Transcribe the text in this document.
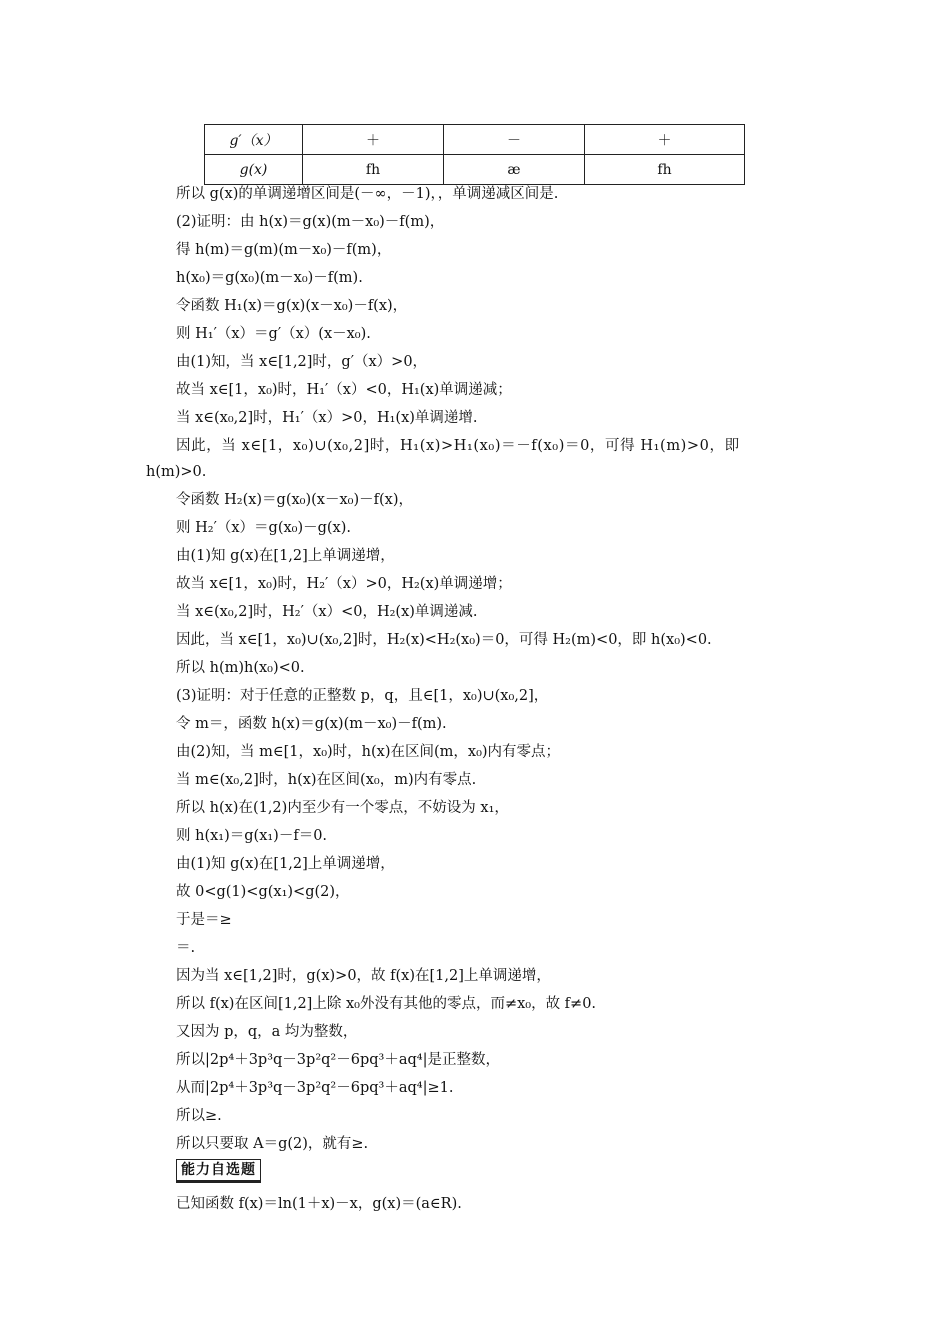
g′（x）	＋	－	＋
g(x)	fh	æ	fh
所以 g(x)的单调递增区间是(－∞，－1)，，单调递减区间是.
(2)证明：由 h(x)＝g(x)(m－x₀)－f(m)，
得 h(m)＝g(m)(m－x₀)－f(m)，
h(x₀)＝g(x₀)(m－x₀)－f(m).
令函数 H₁(x)＝g(x)(x－x₀)－f(x)，
则 H₁′（x）＝g′（x）(x－x₀).
由(1)知，当 x∈[1,2]时，g′（x）>0，
故当 x∈[1，x₀)时，H₁′（x）<0，H₁(x)单调递减；
当 x∈(x₀,2]时，H₁′（x）>0，H₁(x)单调递增.
因此，当 x∈[1，x₀)∪(x₀,2]时，H₁(x)>H₁(x₀)＝－f(x₀)＝0，可得 H₁(m)>0，即
h(m)>0.
令函数 H₂(x)＝g(x₀)(x－x₀)－f(x)，
则 H₂′（x）＝g(x₀)－g(x).
由(1)知 g(x)在[1,2]上单调递增，
故当 x∈[1，x₀)时，H₂′（x）>0，H₂(x)单调递增；
当 x∈(x₀,2]时，H₂′（x）<0，H₂(x)单调递减.
因此，当 x∈[1，x₀)∪(x₀,2]时，H₂(x)<H₂(x₀)＝0，可得 H₂(m)<0，即 h(x₀)<0.
所以 h(m)h(x₀)<0.
(3)证明：对于任意的正整数 p，q，且∈[1，x₀)∪(x₀,2]，
令 m＝，函数 h(x)＝g(x)(m－x₀)－f(m).
由(2)知，当 m∈[1，x₀)时，h(x)在区间(m，x₀)内有零点；
当 m∈(x₀,2]时，h(x)在区间(x₀，m)内有零点.
所以 h(x)在(1,2)内至少有一个零点，不妨设为 x₁，
则 h(x₁)＝g(x₁)－f＝0.
由(1)知 g(x)在[1,2]上单调递增，
故 0<g(1)<g(x₁)<g(2)，
于是＝≥
＝.
因为当 x∈[1,2]时，g(x)>0，故 f(x)在[1,2]上单调递增，
所以 f(x)在区间[1,2]上除 x₀外没有其他的零点，而≠x₀，故 f≠0.
又因为 p，q，a 均为整数，
所以|2p⁴＋3p³q－3p²q²－6pq³＋aq⁴|是正整数，
从而|2p⁴＋3p³q－3p²q²－6pq³＋aq⁴|≥1.
所以≥.
所以只要取 A＝g(2)，就有≥.
能力自选题
已知函数 f(x)＝ln(1＋x)－x，g(x)＝(a∈R).
